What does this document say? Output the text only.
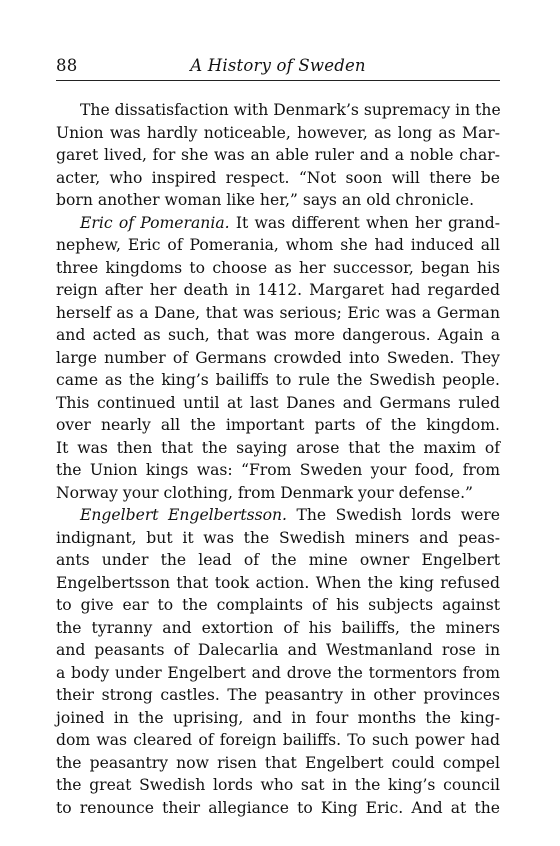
88	A History of Sweden
The dissatisfaction with Denmark’s supremacy in the
Union was hardly noticeable, however, as long as Mar-
garet lived, for she was an able ruler and a noble char-
acter, who inspired respect. “Not soon will there be
born another woman like her,” says an old chronicle.
Eric of Pomerania. It was different when her grand-
nephew, Eric of Pomerania, whom she had induced all
three kingdoms to choose as her successor, began his
reign after her death in 1412. Margaret had regarded
herself as a Dane, that was serious; Eric was a German
and acted as such, that was more dangerous. Again a
large number of Germans crowded into Sweden. They
came as the king’s bailiffs to rule the Swedish people.
This continued until at last Danes and Germans ruled
over nearly all the important parts of the kingdom.
It was then that the saying arose that the maxim of
the Union kings was: “From Sweden your food, from
Norway your clothing, from Denmark your defense.”
Engelbert Engelbertsson. The Swedish lords were
indignant, but it was the Swedish miners and peas-
ants under the lead of the mine owner Engelbert
Engelbertsson that took action. When the king refused
to give ear to the complaints of his subjects against
the tyranny and extortion of his bailiffs, the miners
and peasants of Dalecarlia and Westmanland rose in
a body under Engelbert and drove the tormentors from
their strong castles. The peasantry in other provinces
joined in the uprising, and in four months the king-
dom was cleared of foreign bailiffs. To such power had
the peasantry now risen that Engelbert could compel
the great Swedish lords who sat in the king’s council
to renounce their allegiance to King Eric. And at the
